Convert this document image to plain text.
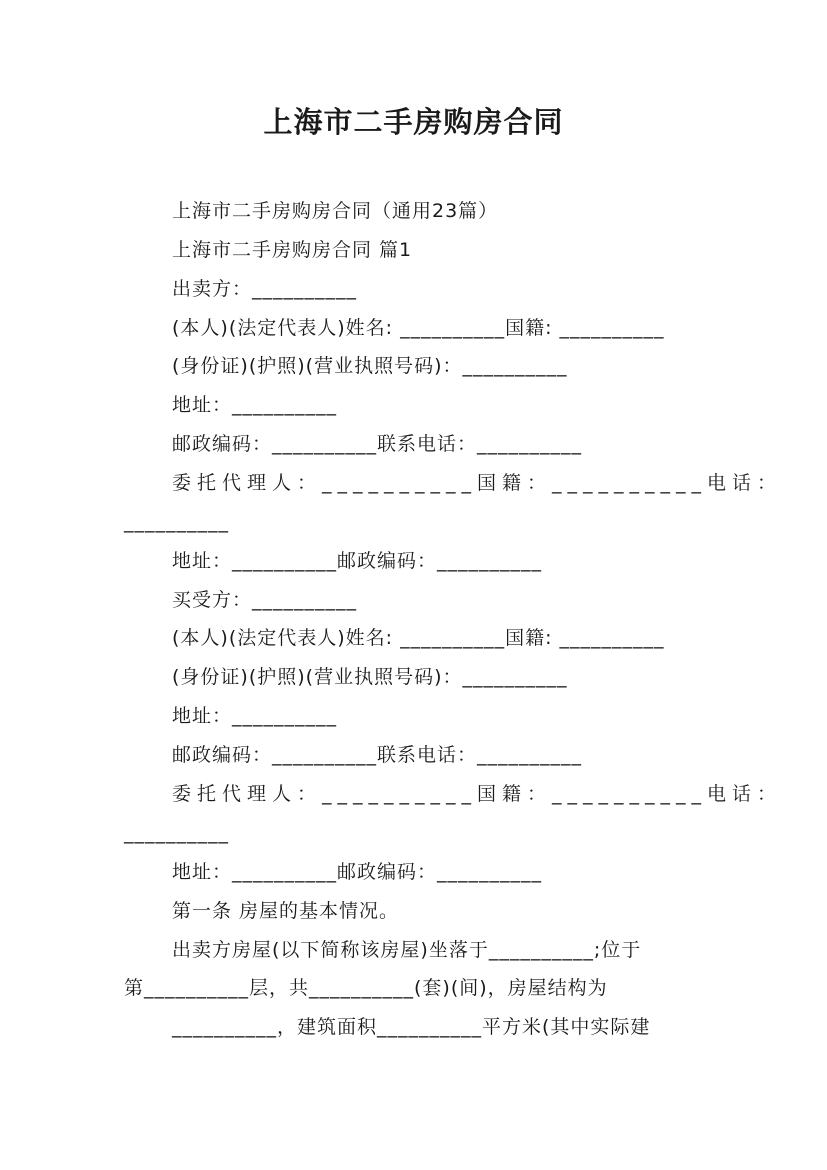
上海市二手房购房合同
上海市二手房购房合同（通用23篇）
上海市二手房购房合同 篇1
出卖方：__________
(本人)(法定代表人)姓名: __________国籍: __________
(身份证)(护照)(营业执照号码)：__________
地址：__________
邮政编码：__________联系电话：__________
委托代理人：__________国籍：__________电话：
__________
地址：__________邮政编码：__________
买受方：__________
(本人)(法定代表人)姓名: __________国籍: __________
(身份证)(护照)(营业执照号码)：__________
地址：__________
邮政编码：__________联系电话：__________
委托代理人：__________国籍：__________电话：
__________
地址：__________邮政编码：__________
第一条 房屋的基本情况。
出卖方房屋(以下简称该房屋)坐落于__________;位于
第__________层，共__________(套)(间)，房屋结构为
__________，建筑面积__________平方米(其中实际建
